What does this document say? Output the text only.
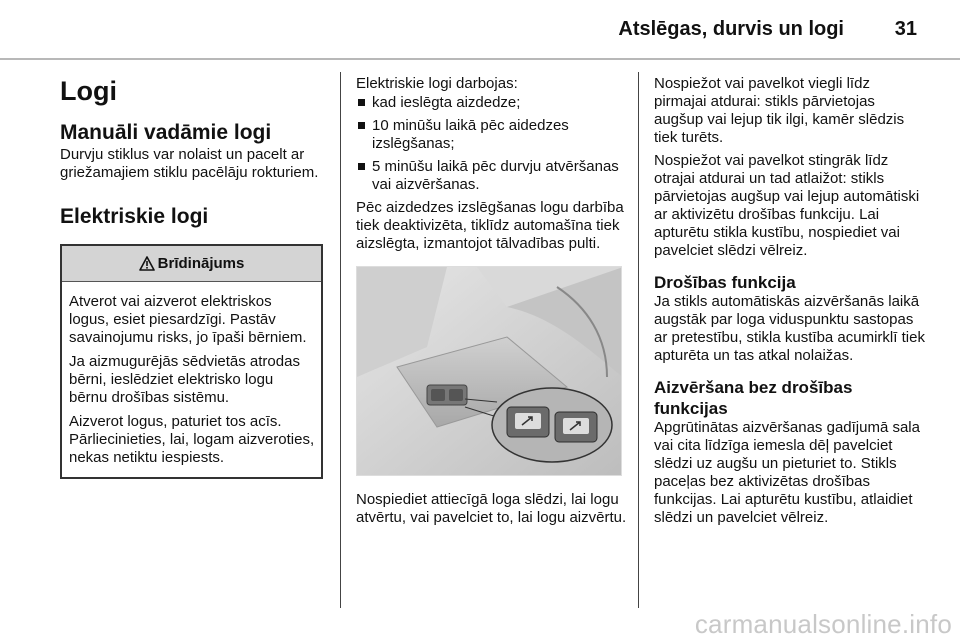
Atslēgas, durvis un logi	31
Logi
Manuāli vadāmie logi

Durvju stiklus var nolaist un pacelt ar griežamajiem stiklu pacēlāju rokturiem.

Elektriskie logi
Brīdinājums

Atverot vai aizverot elektriskos logus, esiet piesardzīgi. Pastāv savainojumu risks, jo īpaši bērniem.

Ja aizmugurējās sēdvietās atrodas bērni, ieslēdziet elektrisko logu bērnu drošības sistēmu.

Aizverot logus, paturiet tos acīs. Pārliecinieties, lai, logam aizveroties, nekas netiktu iespiests.

Elektriskie logi darbojas:

kad ieslēgta aizdedze;
10 minūšu laikā pēc aidedzes izslēgšanas;
5 minūšu laikā pēc durvju atvēršanas vai aizvēršanas.

Pēc aizdedzes izslēgšanas logu darbība tiek deaktivizēta, tiklīdz automašīna tiek aizslēgta, izmantojot tālvadības pulti.

Nospiediet attiecīgā loga slēdzi, lai logu atvērtu, vai pavelciet to, lai logu aizvērtu.

Nospiežot vai pavelkot viegli līdz pirmajai atdurai: stikls pārvietojas augšup vai lejup tik ilgi, kamēr slēdzis tiek turēts.

Nospiežot vai pavelkot stingrāk līdz otrajai atdurai un tad atlaižot: stikls pārvietojas augšup vai lejup automātiski ar aktivizētu drošības funkciju. Lai apturētu stikla kustību, nospiediet vai pavelciet slēdzi vēlreiz.

Drošības funkcija

Ja stikls automātiskās aizvēršanās laikā augstāk par loga viduspunktu sastopas ar pretestību, stikla kustība acumirklī tiek apturēta un tas atkal nolaižas.

Aizvēršana bez drošības funkcijas

Apgrūtinātas aizvēršanas gadījumā sala vai cita līdzīga iemesla dēļ pavelciet slēdzi uz augšu un pieturiet to. Stikls paceļas bez aktivizētas drošības funkcijas. Lai apturētu kustību, atlaidiet slēdzi un pavelciet vēlreiz.

carmanualsonline.info
